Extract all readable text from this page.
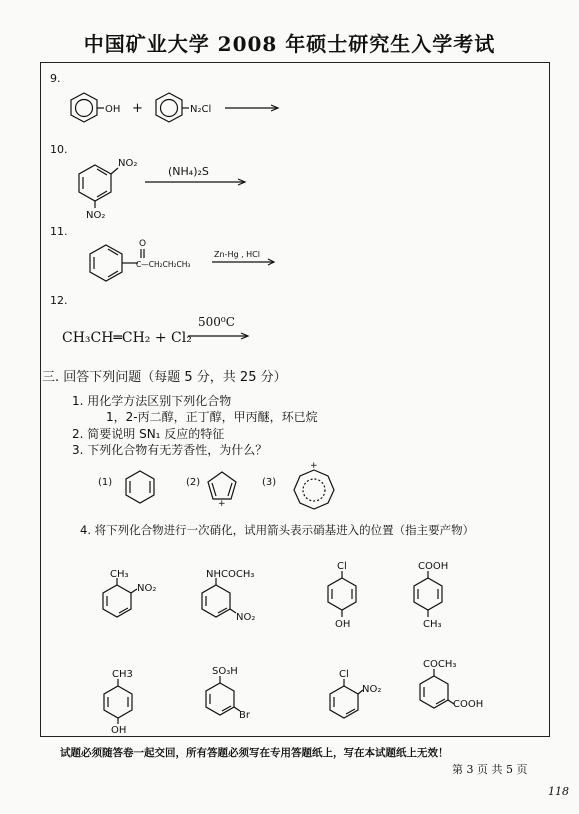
中国矿业大学 2008 年硕士研究生入学考试
9.
OH +	N₂Cl
10.
NO₂
NO₂
(NH₄)₂S
11.
O
C—CH₂CH₂CH₃
Zn-Hg , HCl
12.
CH₃CH═CH₂ + Cl₂
500⁰C
三. 回答下列问题（每题 5 分，共 25 分）
1. 用化学方法区别下列化合物
1，2-丙二醇，正丁醇，甲丙醚，环已烷
2. 简要说明 SN₁ 反应的特征
3. 下列化合物有无芳香性，为什么？
(1)	(2)	(3)
+
+
4. 将下列化合物进行一次硝化，试用箭头表示硝基进入的位置（指主要产物）
CH₃
NO₂
NHCOCH₃
NO₂
Cl
OH
COOH
CH₃
CH3
OH
SO₃H
Br
Cl
NO₂
COCH₃
COOH
试题必须随答卷一起交回，所有答题必须写在专用答题纸上，写在本试题纸上无效！
第 3 页 共 5 页
118
